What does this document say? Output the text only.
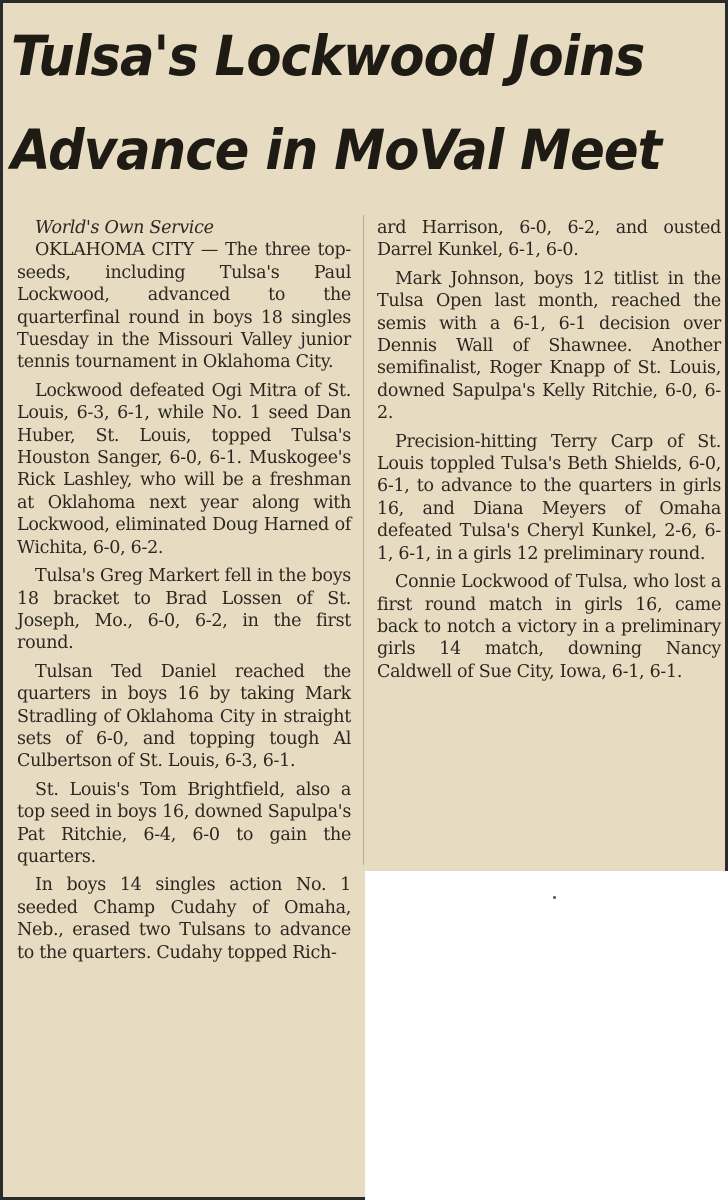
Tulsa's Lockwood Joins
Advance in MoVal Meet

World's Own Service

OKLAHOMA CITY — The three top-seeds, including Tulsa's Paul Lockwood, advanced to the quarterfinal round in boys 18 singles Tuesday in the Missouri Valley junior tennis tournament in Oklahoma City.

Lockwood defeated Ogi Mitra of St. Louis, 6-3, 6-1, while No. 1 seed Dan Huber, St. Louis, topped Tulsa's Houston Sanger, 6-0, 6-1. Muskogee's Rick Lashley, who will be a freshman at Oklahoma next year along with Lockwood, eliminated Doug Harned of Wichita, 6-0, 6-2.

Tulsa's Greg Markert fell in the boys 18 bracket to Brad Lossen of St. Joseph, Mo., 6-0, 6-2, in the first round.

Tulsan Ted Daniel reached the quarters in boys 16 by taking Mark Stradling of Oklahoma City in straight sets of 6-0, and topping tough Al Culbertson of St. Louis, 6-3, 6-1.

St. Louis's Tom Brightfield, also a top seed in boys 16, downed Sapulpa's Pat Ritchie, 6-4, 6-0 to gain the quarters.

In boys 14 singles action No. 1 seeded Champ Cudahy of Omaha, Neb., erased two Tulsans to advance to the quarters. Cudahy topped Rich-

ard Harrison, 6-0, 6-2, and ousted Darrel Kunkel, 6-1, 6-0.

Mark Johnson, boys 12 titlist in the Tulsa Open last month, reached the semis with a 6-1, 6-1 decision over Dennis Wall of Shawnee. Another semifinalist, Roger Knapp of St. Louis, downed Sapulpa's Kelly Ritchie, 6-0, 6-2.

Precision-hitting Terry Carp of St. Louis toppled Tulsa's Beth Shields, 6-0, 6-1, to advance to the quarters in girls 16, and Diana Meyers of Omaha defeated Tulsa's Cheryl Kunkel, 2-6, 6-1, 6-1, in a girls 12 preliminary round.

Connie Lockwood of Tulsa, who lost a first round match in girls 16, came back to notch a victory in a preliminary girls 14 match, downing Nancy Caldwell of Sue City, Iowa, 6-1, 6-1.
